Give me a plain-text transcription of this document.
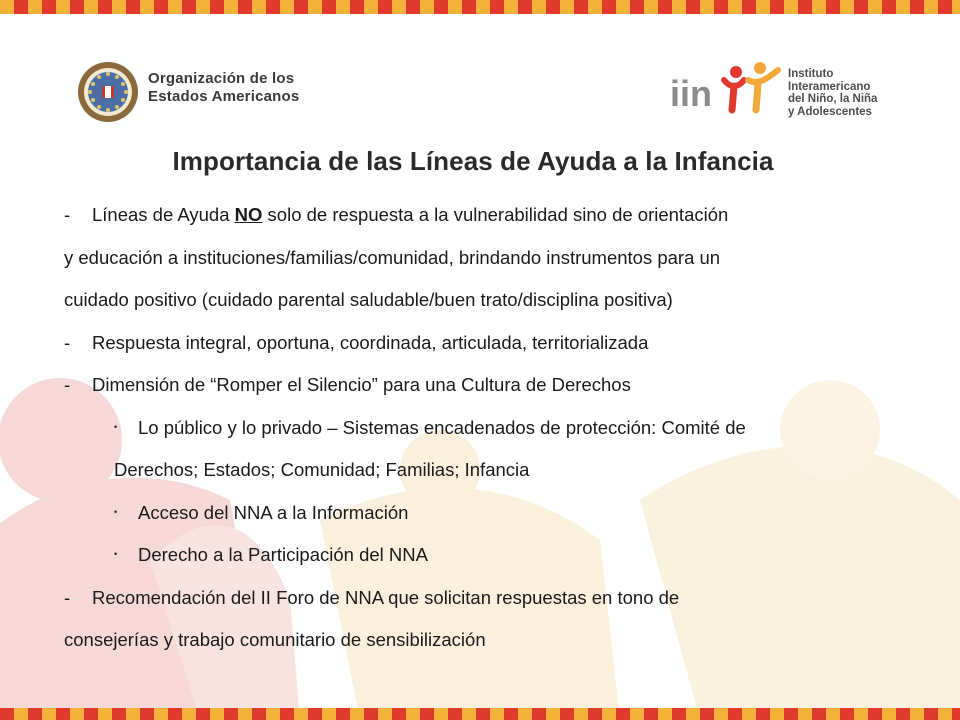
Organización de los
Estados Americanos	iin	Instituto
Interamericano
del Niño, la Niña
y Adolescentes
Importancia de las Líneas de Ayuda a la Infancia
- Líneas de Ayuda NO solo de respuesta a la vulnerabilidad sino de orientación
y educación a instituciones/familias/comunidad, brindando instrumentos para un
cuidado positivo (cuidado parental saludable/buen trato/disciplina positiva)
- Respuesta integral, oportuna, coordinada, articulada, territorializada
- Dimensión de “Romper el Silencio” para una Cultura de Derechos
• Lo público y lo privado – Sistemas encadenados de protección: Comité de
Derechos; Estados; Comunidad; Familias; Infancia
• Acceso del NNA a la Información
• Derecho a la Participación del NNA
- Recomendación del II Foro de NNA que solicitan respuestas en tono de
consejerías y trabajo comunitario de sensibilización
